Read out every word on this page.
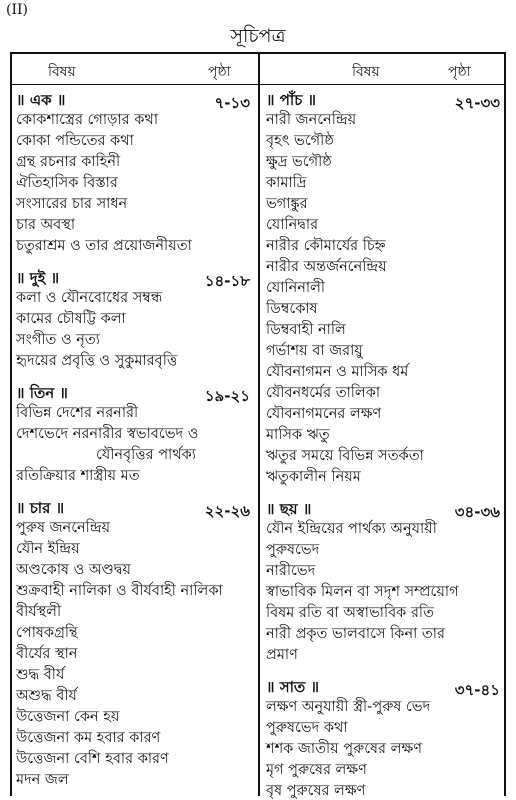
(II)
সূচিপত্র
বিষয়	পৃষ্ঠা	বিষয়	পৃষ্ঠা
॥ এক ॥	৭-১৩
কোকশাস্ত্রের গোড়ার কথা
কোকা পন্ডিতের কথা
গ্রন্থ রচনার কাহিনী
ঐতিহাসিক বিস্তার
সংসারের চার সাধন
চার অবস্থা
চতুরাশ্রম ও তার প্রয়োজনীয়তা
॥ দুই ॥	১৪-১৮
কলা ও যৌনবোধের সম্বন্ধ
কামের চৌষট্টি কলা
সংগীত ও নৃত্য
হৃদয়ের প্রবৃত্তি ও সুকুমারবৃত্তি
॥ তিন ॥	১৯-২১
বিভিন্ন দেশের নরনারী
দেশভেদে নরনারীর স্বভাবভেদ ও
যৌনবৃত্তির পার্থক্য
রতিক্রিয়ার শাস্ত্রীয় মত
॥ চার ॥	২২-২৬
পুরুষ জননেন্দ্রিয়
যৌন ইন্দ্রিয়
অণ্ডকোষ ও অণ্ডদ্বয়
শুক্রবাহী নালিকা ও বীর্যবাহী নালিকা
বীর্যস্থলী
পোষকগ্রন্থি
বীর্যের স্থান
শুদ্ধ বীর্য
অশুদ্ধ বীর্য
উত্তেজনা কেন হয়
উত্তেজনা কম হবার কারণ
উত্তেজনা বেশি হবার কারণ
মদন জল
॥ পাঁচ ॥	২৭-৩৩
নারী জননেন্দ্রিয়
বৃহৎ ভগৌষ্ঠ
ক্ষুদ্র ভগৌষ্ঠ
কামাদ্রি
ভগাঙ্কুর
যোনিদ্বার
নারীর কৌমার্যের চিহ্ন
নারীর অন্তর্জননেন্দ্রিয়
যোনিনালী
ডিম্বকোষ
ডিম্ববাহী নালি
গর্ভাশয় বা জরায়ু
যৌবনাগমন ও মাসিক ধর্ম
যৌবনধর্মের তালিকা
যৌবনাগমনের লক্ষণ
মাসিক ঋতু
ঋতুর সময়ে বিভিন্ন সতর্কতা
ঋতুকালীন নিয়ম
॥ ছয় ॥	৩৪-৩৬
যৌন ইন্দ্রিয়ের পার্থক্য অনুযায়ী
পুরুষভেদ
নারীভেদ
স্বাভাবিক মিলন বা সদৃশ সম্প্রয়োগ
বিষম রতি বা অস্বাভাবিক রতি
নারী প্রকৃত ভালবাসে কিনা তার
প্রমাণ
॥ সাত ॥	৩৭-৪১
লক্ষণ অনুযায়ী স্ত্রী-পুরুষ ভেদ
পুরুষভেদ কথা
শশক জাতীয় পুরুষের লক্ষণ
মৃগ পুরুষের লক্ষণ
বৃষ পুরুষের লক্ষণ
